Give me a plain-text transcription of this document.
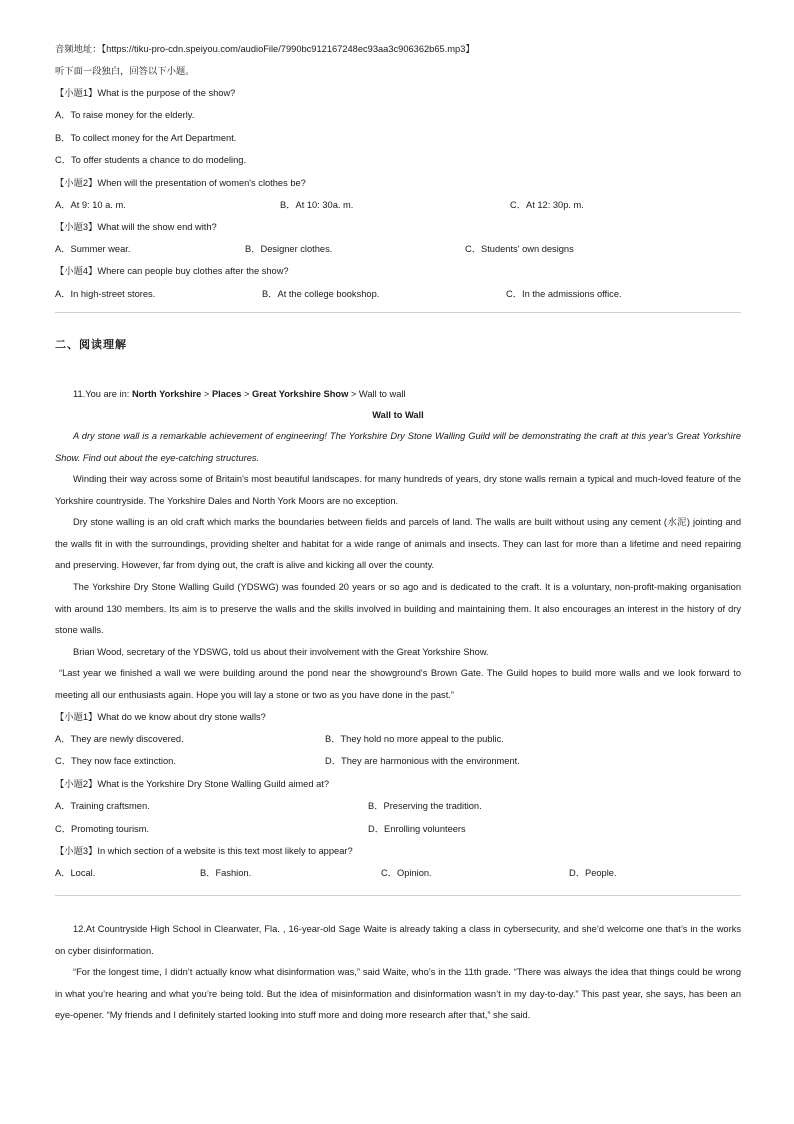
音频地址：【https://tiku-pro-cdn.speiyou.com/audioFile/7990bc912167248ec93aa3c906362b65.mp3】
听下面一段独白，回答以下小题。
【小题1】What is the purpose of the show?
A．To raise money for the elderly.
B．To collect money for the Art Department.
C．To offer students a chance to do modeling.
【小题2】When will the presentation of women's clothes be?
A．At 9: 10 a. m.	B．At 10: 30a. m.	C．At 12: 30p. m.
【小题3】What will the show end with?
A．Summer wear.	B．Designer clothes.	C．Students' own designs
【小题4】Where can people buy clothes after the show?
A．In high-street stores.	B．At the college bookshop.	C．In the admissions office.
二、阅读理解
11.You are in: North Yorkshire > Places > Great Yorkshire Show > Wall to wall
Wall to Wall
A dry stone wall is a remarkable achievement of engineering! The Yorkshire Dry Stone Walling Guild will be demonstrating the craft at this year's Great Yorkshire Show. Find out about the eye-catching structures.
Winding their way across some of Britain's most beautiful landscapes. for many hundreds of years, dry stone walls remain a typical and much-loved feature of the Yorkshire countryside. The Yorkshire Dales and North York Moors are no exception.
Dry stone walling is an old craft which marks the boundaries between fields and parcels of land. The walls are built without using any cement (水泥) jointing and the walls fit in with the surroundings, providing shelter and habitat for a wide range of animals and insects. They can last for more than a lifetime and need repairing and preserving. However, far from dying out, the craft is alive and kicking all over the county.
The Yorkshire Dry Stone Walling Guild (YDSWG) was founded 20 years or so ago and is dedicated to the craft. It is a voluntary, non-profit-making organisation with around 130 members. Its aim is to preserve the walls and the skills involved in building and maintaining them. It also encourages an interest in the history of dry stone walls.
Brian Wood, secretary of the YDSWG, told us about their involvement with the Great Yorkshire Show.
“Last year we finished a wall we were building around the pond near the showground's Brown Gate. The Guild hopes to build more walls and we look forward to meeting all our enthusiasts again. Hope you will lay a stone or two as you have done in the past.”
【小题1】What do we know about dry stone walls?
A．They are newly discovered.	B．They hold no more appeal to the public.
C．They now face extinction.	D．They are harmonious with the environment.
【小题2】What is the Yorkshire Dry Stone Walling Guild aimed at?
A．Training craftsmen.	B．Preserving the tradition.
C．Promoting tourism.	D．Enrolling volunteers
【小题3】In which section of a website is this text most likely to appear?
A．Local.	B．Fashion.	C．Opinion.	D．People.
12.At Countryside High School in Clearwater, Fla. , 16-year-old Sage Waite is already taking a class in cybersecurity, and she’d welcome one that’s in the works on cyber disinformation.
“For the longest time, I didn’t actually know what disinformation was,” said Waite, who’s in the 11th grade. “There was always the idea that things could be wrong in what you’re hearing and what you’re being told. But the idea of misinformation and disinformation wasn’t in my day-to-day.” This past year, she says, has been an eye-opener. “My friends and I definitely started looking into stuff more and doing more research after that,” she said.
